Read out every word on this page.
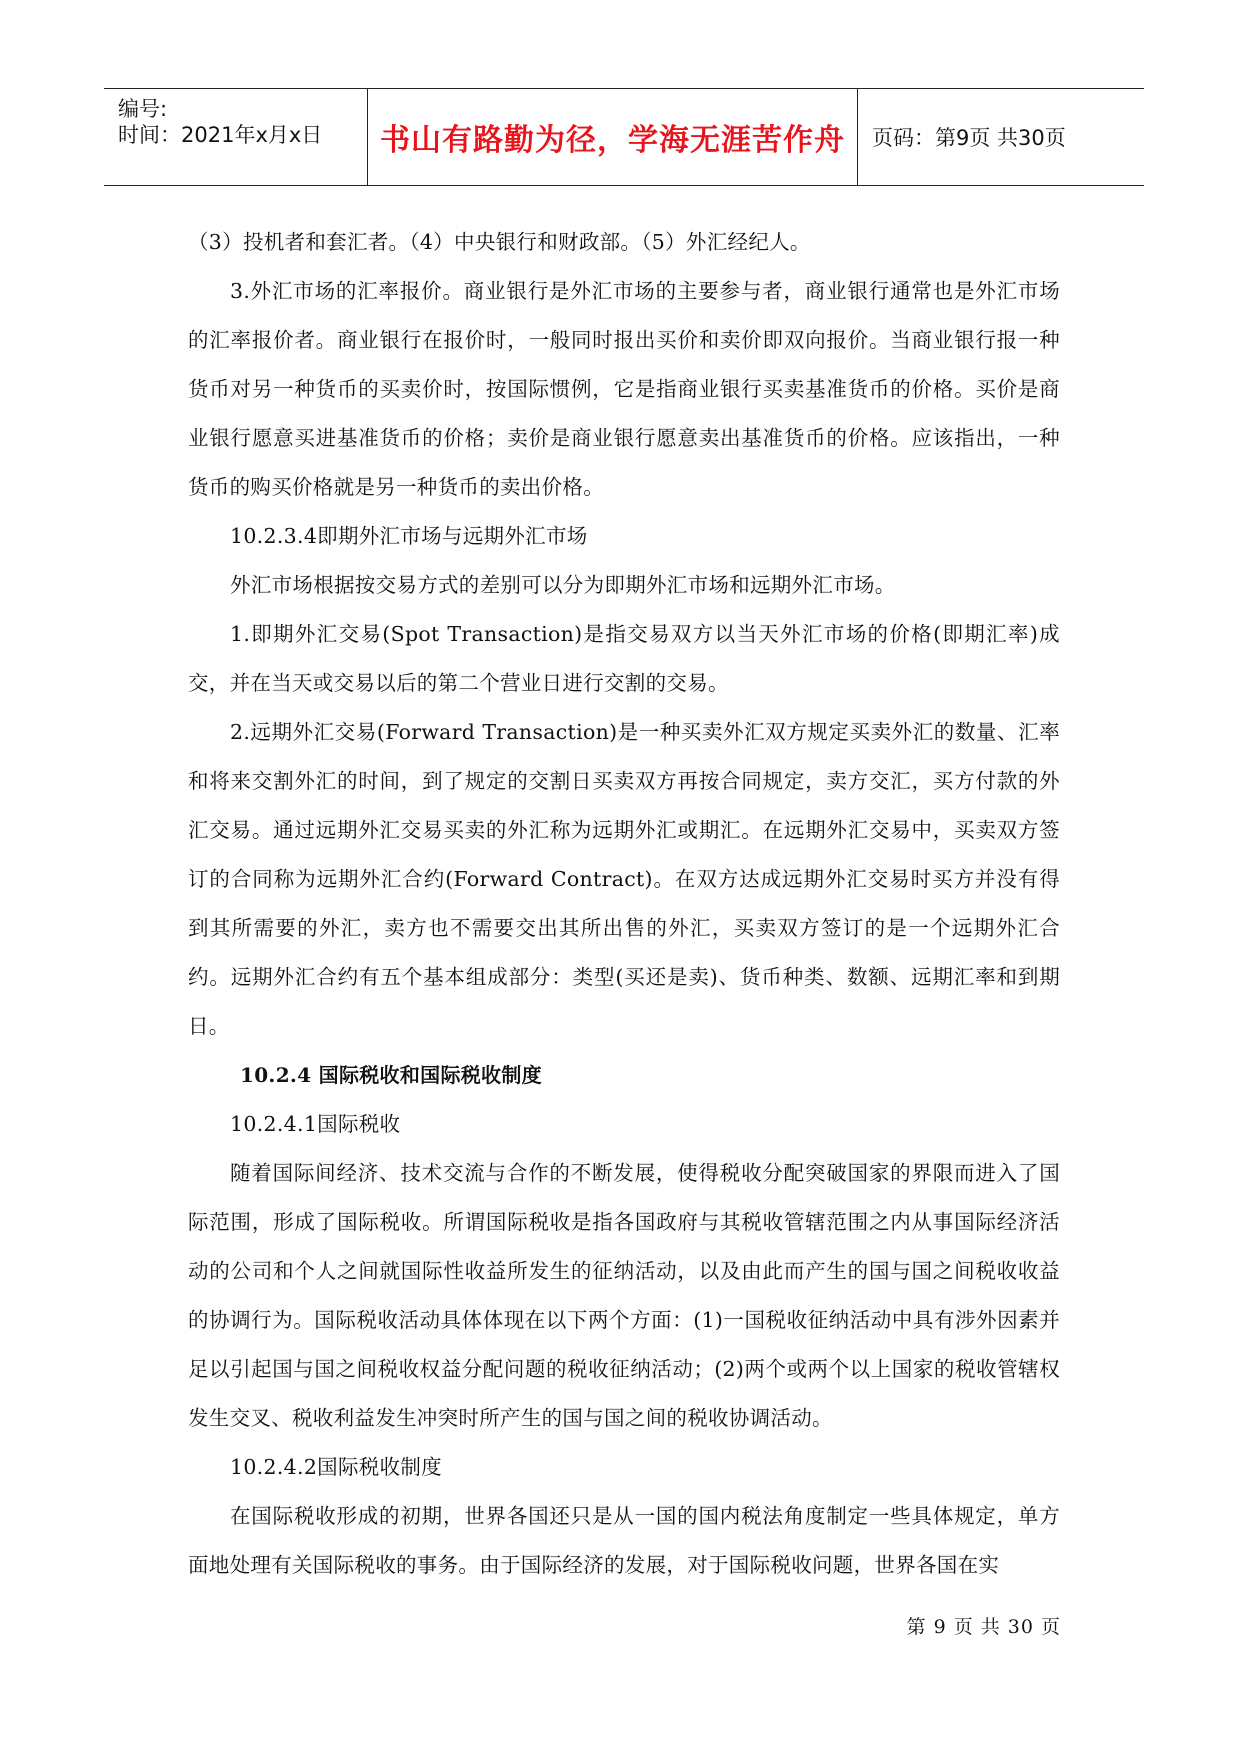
编号:
时间：2021年x月x日 书山有路勤为径，学海无涯苦作舟	页码：第9页 共30页

（3）投机者和套汇者。（4）中央银行和财政部。（5）外汇经纪人。

3.外汇市场的汇率报价。商业银行是外汇市场的主要参与者，商业银行通常也是外汇市场的汇率报价者。商业银行在报价时，一般同时报出买价和卖价即双向报价。当商业银行报一种货币对另一种货币的买卖价时，按国际惯例，它是指商业银行买卖基准货币的价格。买价是商业银行愿意买进基准货币的价格；卖价是商业银行愿意卖出基准货币的价格。应该指出，一种货币的购买价格就是另一种货币的卖出价格。

10.2.3.4即期外汇市场与远期外汇市场

外汇市场根据按交易方式的差别可以分为即期外汇市场和远期外汇市场。

1.即期外汇交易(Spot Transaction)是指交易双方以当天外汇市场的价格(即期汇率)成交，并在当天或交易以后的第二个营业日进行交割的交易。

2.远期外汇交易(Forward Transaction)是一种买卖外汇双方规定买卖外汇的数量、汇率和将来交割外汇的时间，到了规定的交割日买卖双方再按合同规定，卖方交汇，买方付款的外汇交易。通过远期外汇交易买卖的外汇称为远期外汇或期汇。在远期外汇交易中，买卖双方签订的合同称为远期外汇合约(Forward Contract)。在双方达成远期外汇交易时买方并没有得到其所需要的外汇，卖方也不需要交出其所出售的外汇，买卖双方签订的是一个远期外汇合约。远期外汇合约有五个基本组成部分：类型(买还是卖)、货币种类、数额、远期汇率和到期日。

10.2.4 国际税收和国际税收制度

10.2.4.1国际税收

随着国际间经济、技术交流与合作的不断发展，使得税收分配突破国家的界限而进入了国际范围，形成了国际税收。所谓国际税收是指各国政府与其税收管辖范围之内从事国际经济活动的公司和个人之间就国际性收益所发生的征纳活动，以及由此而产生的国与国之间税收收益的协调行为。国际税收活动具体体现在以下两个方面：(1)一国税收征纳活动中具有涉外因素并足以引起国与国之间税收权益分配问题的税收征纳活动；(2)两个或两个以上国家的税收管辖权发生交叉、税收利益发生冲突时所产生的国与国之间的税收协调活动。

10.2.4.2国际税收制度

在国际税收形成的初期，世界各国还只是从一国的国内税法角度制定一些具体规定，单方面地处理有关国际税收的事务。由于国际经济的发展，对于国际税收问题，世界各国在实

第 9 页 共 30 页
